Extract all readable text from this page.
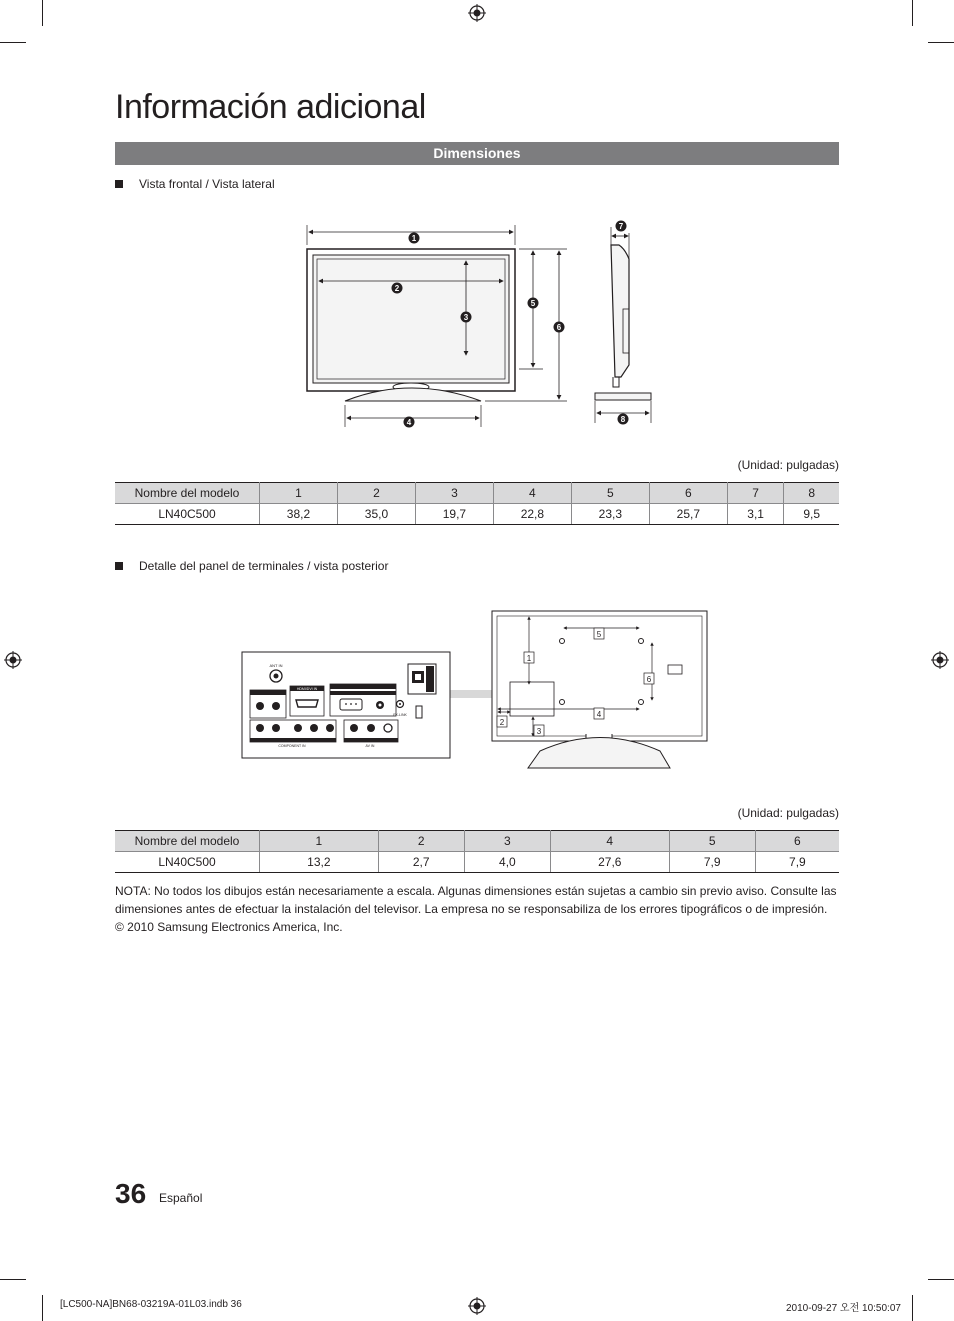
Información adicional
Dimensiones
Vista frontal / Vista lateral
1
2
3
4
5
6
7
8
(Unidad: pulgadas)
Nombre del modelo	1	2	3	4	5	6	7	8
LN40C500	38,2	35,0	19,7	22,8	23,3	25,7	3,1	9,5
Detalle del panel de terminales / vista posterior
ANT IN
HDMI/DVI IN
EX-LINK
AV IN
COMPONENT IN
1
2
3
4
5
6
(Unidad: pulgadas)
Nombre del modelo	1	2	3	4	5	6
LN40C500	13,2	2,7	4,0	27,6	7,9	7,9
NOTA: No todos los dibujos están necesariamente a escala. Algunas dimensiones están sujetas a cambio sin previo aviso. Consulte las dimensiones antes de efectuar la instalación del televisor. La empresa no se responsabiliza de los errores tipográficos o de impresión.
© 2010 Samsung Electronics America, Inc.
36 Español
[LC500-NA]BN68-03219A-01L03.indb 36	2010-09-27 오전 10:50:07
